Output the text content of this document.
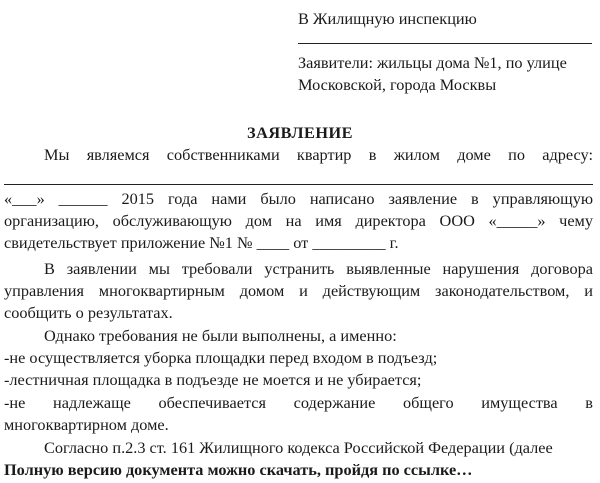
В Жилищную инспекцию
Заявители: жильцы дома №1, по улице
Московской, города Москвы
ЗАЯВЛЕНИЕ
Мы являемся собственниками квартир в жилом доме по адресу:
«___» ______ 2015 года нами было написано заявление в управляющую
организацию, обслуживающую дом на имя директора ООО «_____» чему
свидетельствует приложение №1 № ____ от _________ г.
В заявлении мы требовали устранить выявленные нарушения договора
управления многоквартирным домом и действующим законодательством, и
сообщить о результатах.
Однако требования не были выполнены, а именно:
-не осуществляется уборка площадки перед входом в подъезд;
-лестничная площадка в подъезде не моется и не убирается;
-не надлежаще обеспечивается содержание общего имущества в
многоквартирном доме.
Согласно п.2.3 ст. 161 Жилищного кодекса Российской Федерации (далее
Полную версию документа можно скачать, пройдя по ссылке…
